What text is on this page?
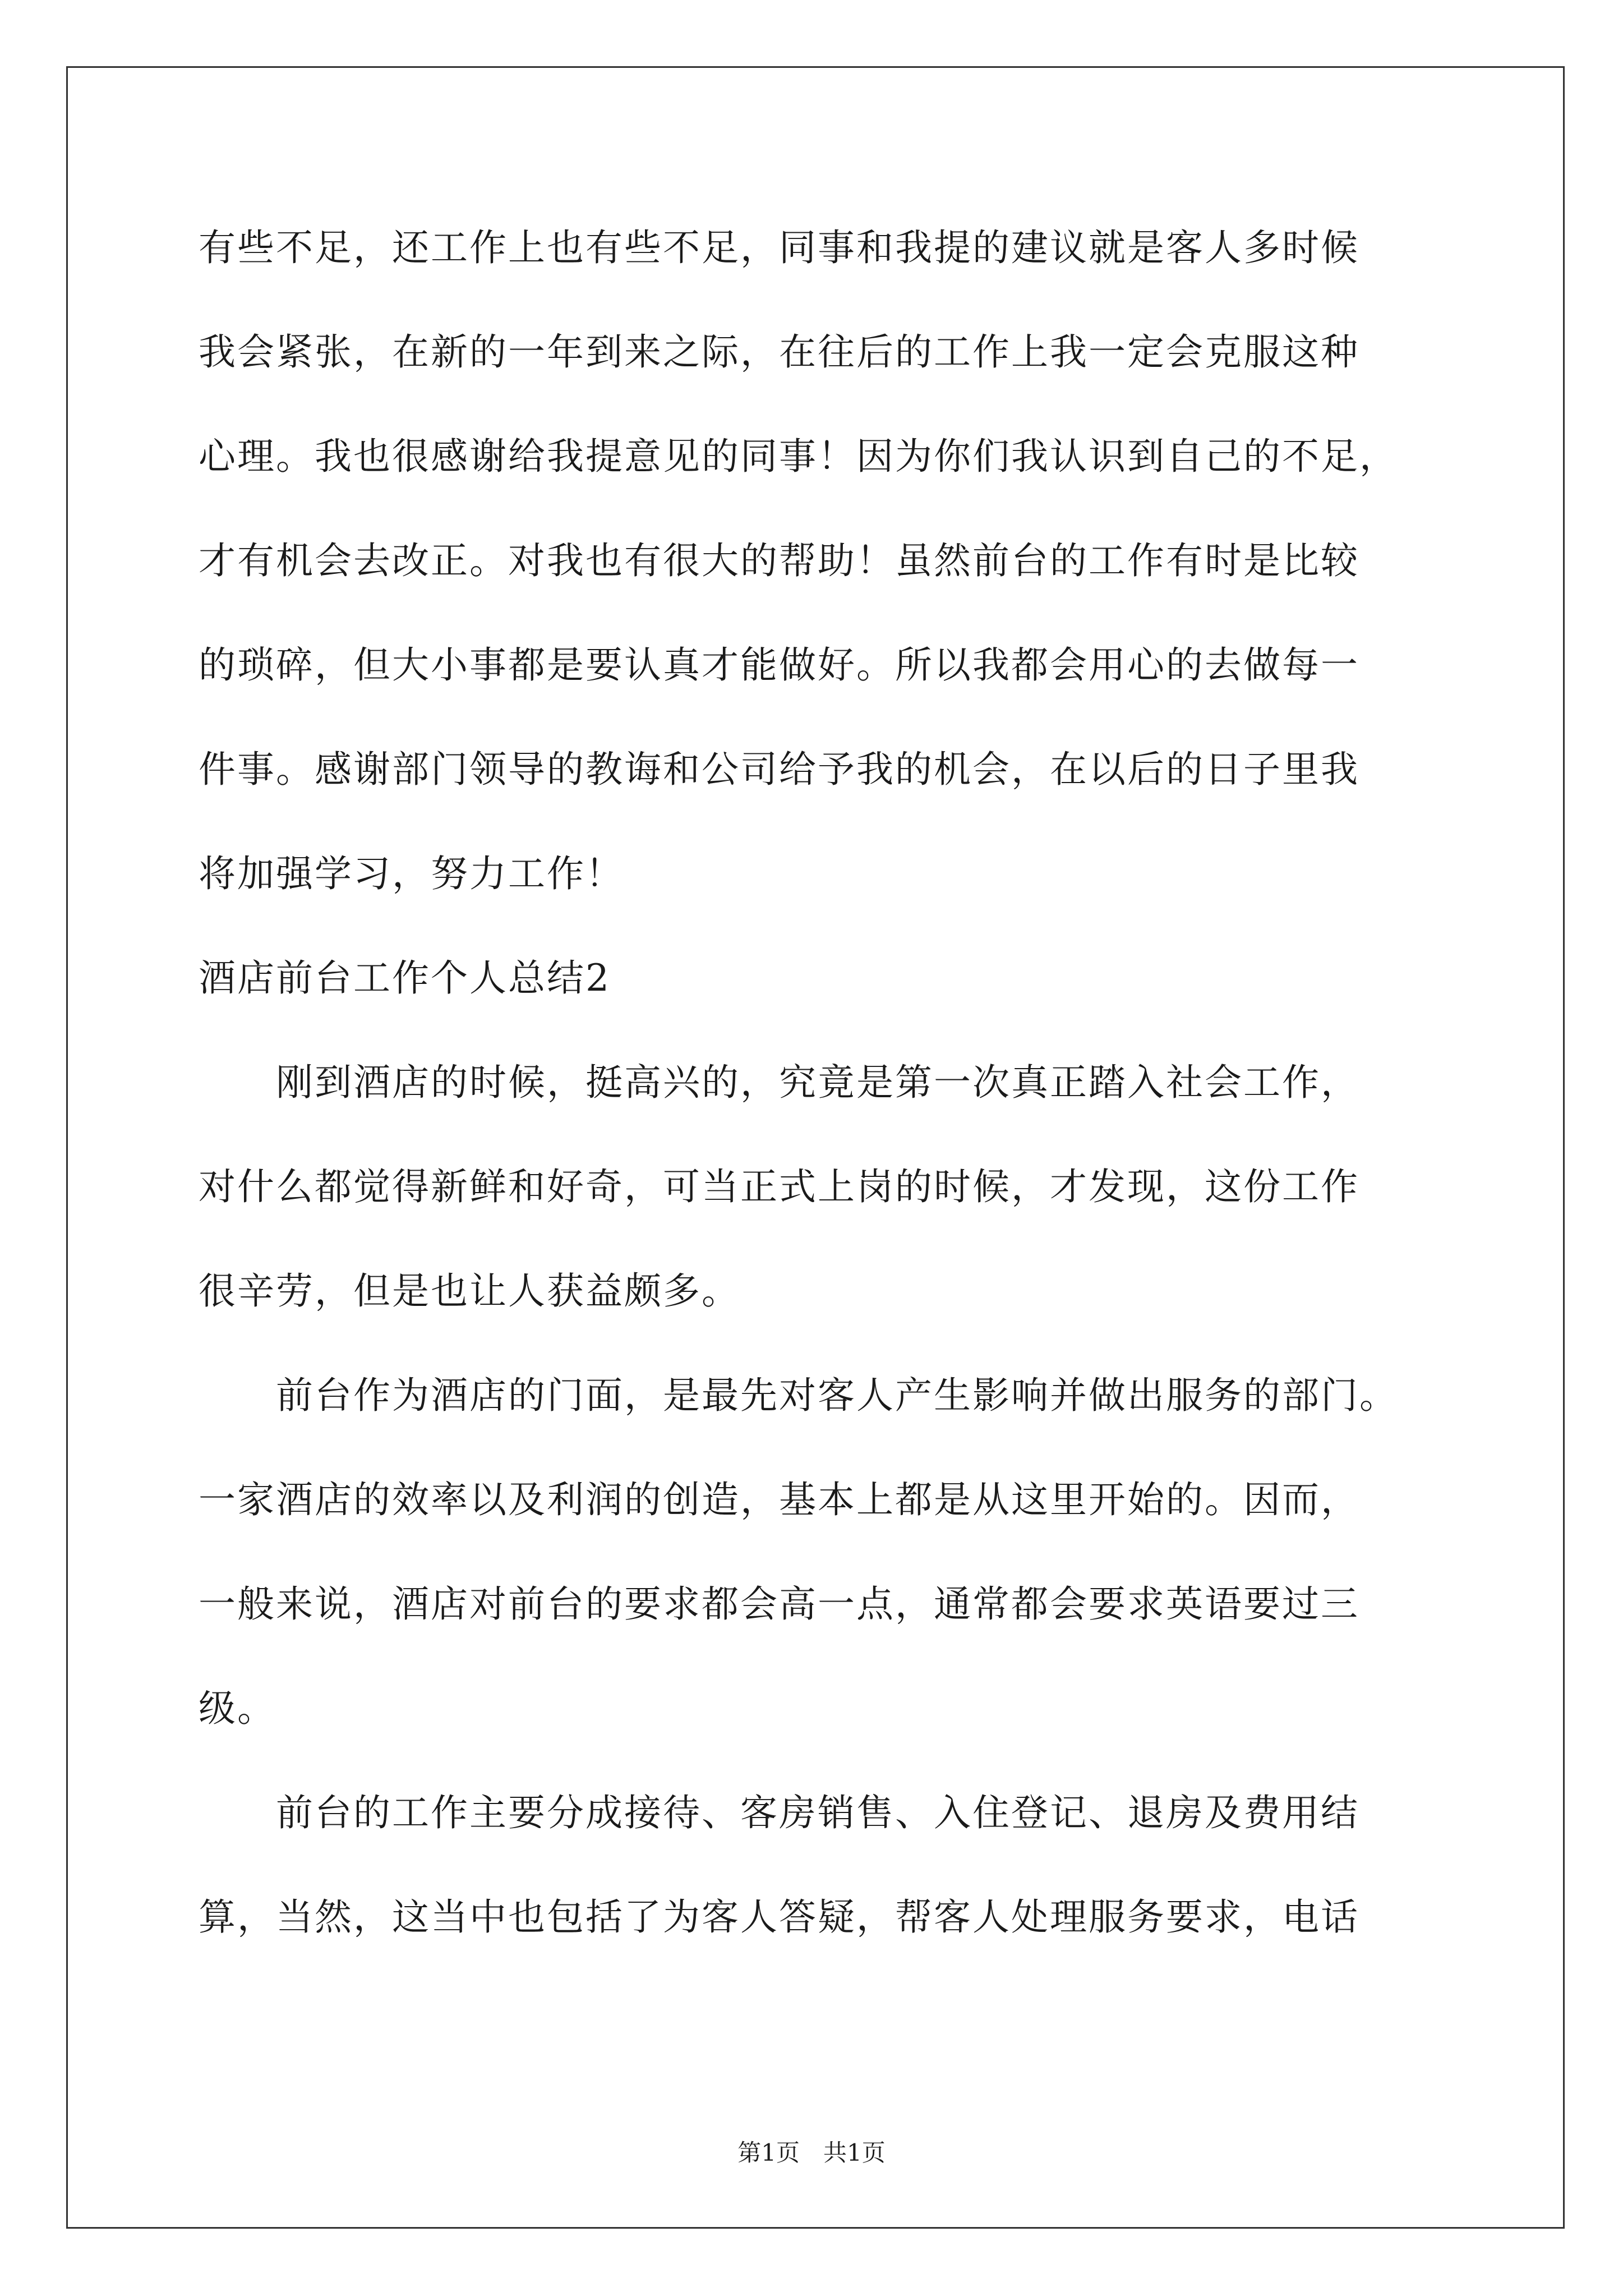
有些不足，还工作上也有些不足，同事和我提的建议就是客人多时候
我会紧张，在新的一年到来之际，在往后的工作上我一定会克服这种
心理。我也很感谢给我提意见的同事！因为你们我认识到自己的不足，
才有机会去改正。对我也有很大的帮助！虽然前台的工作有时是比较
的琐碎，但大小事都是要认真才能做好。所以我都会用心的去做每一
件事。感谢部门领导的教诲和公司给予我的机会，在以后的日子里我
将加强学习，努力工作！
酒店前台工作个人总结2
　　刚到酒店的时候，挺高兴的，究竟是第一次真正踏入社会工作，
对什么都觉得新鲜和好奇，可当正式上岗的时候，才发现，这份工作
很辛劳，但是也让人获益颇多。
　　前台作为酒店的门面，是最先对客人产生影响并做出服务的部门。
一家酒店的效率以及利润的创造，基本上都是从这里开始的。因而，
一般来说，酒店对前台的要求都会高一点，通常都会要求英语要过三
级。
　　前台的工作主要分成接待、客房销售、入住登记、退房及费用结
算，当然，这当中也包括了为客人答疑，帮客人处理服务要求，电话
第1页　共1页
